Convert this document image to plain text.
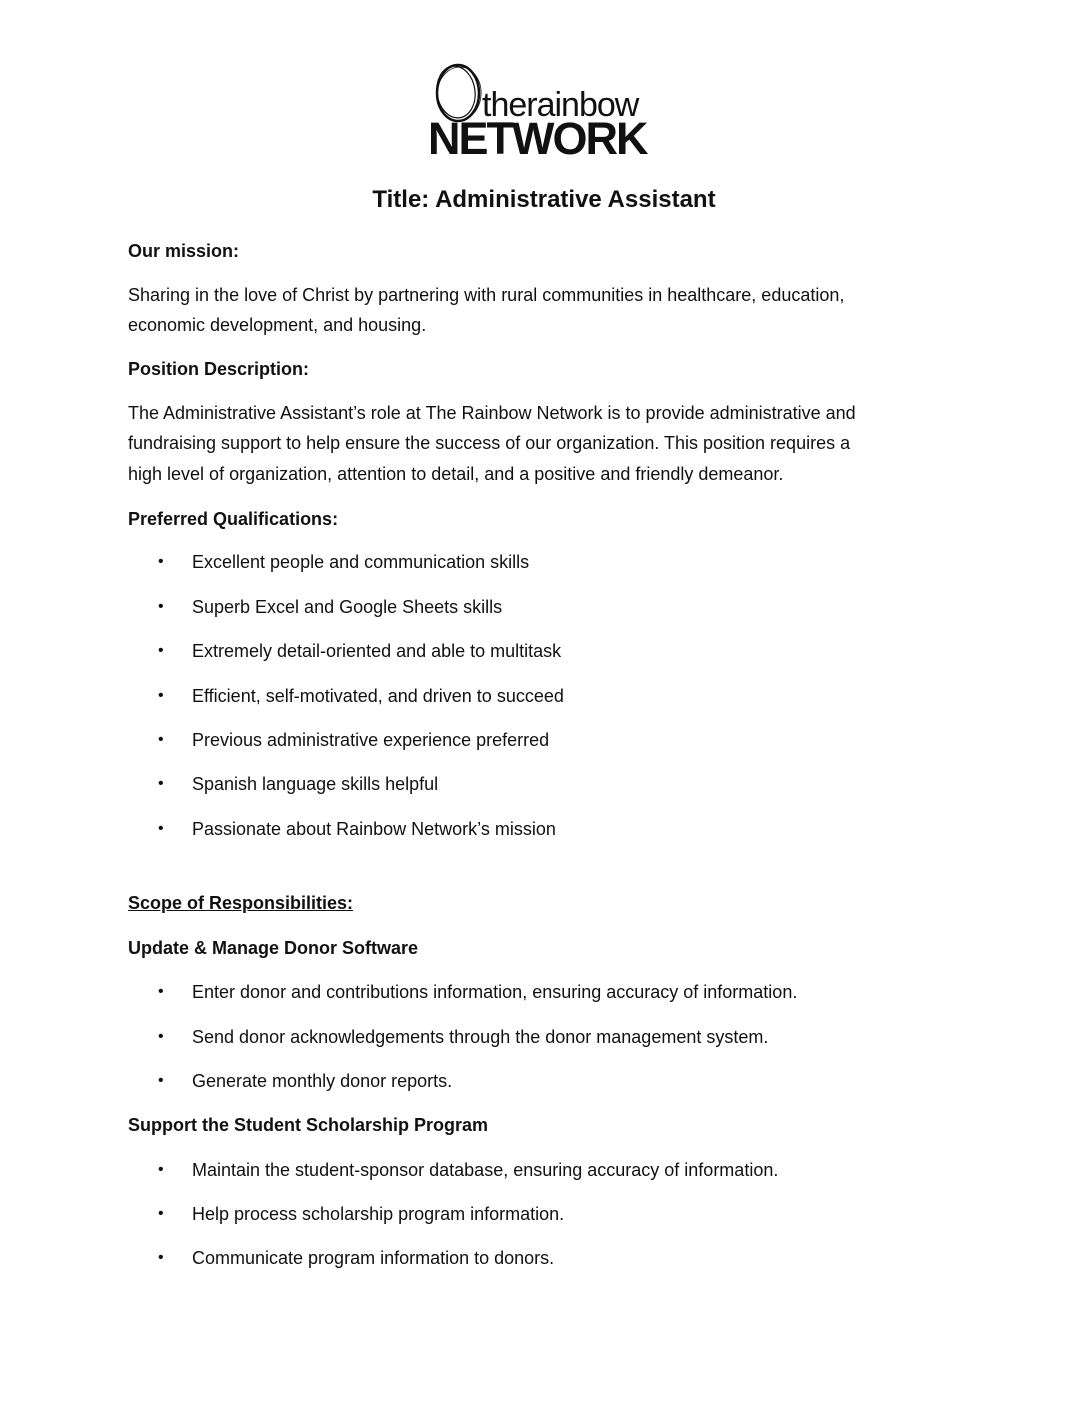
therainbow
NETWORK
Title: Administrative Assistant
Our mission:
Sharing in the love of Christ by partnering with rural communities in healthcare, education,
economic development, and housing.
Position Description:
The Administrative Assistant’s role at The Rainbow Network is to provide administrative and
fundraising support to help ensure the success of our organization. This position requires a
high level of organization, attention to detail, and a positive and friendly demeanor.
Preferred Qualifications:
•	Excellent people and communication skills
•	Superb Excel and Google Sheets skills
•	Extremely detail-oriented and able to multitask
•	Efficient, self-motivated, and driven to succeed
•	Previous administrative experience preferred
•	Spanish language skills helpful
•	Passionate about Rainbow Network’s mission
Scope of Responsibilities:
Update & Manage Donor Software
•	Enter donor and contributions information, ensuring accuracy of information.
•	Send donor acknowledgements through the donor management system.
•	Generate monthly donor reports.
Support the Student Scholarship Program
•	Maintain the student-sponsor database, ensuring accuracy of information.
•	Help process scholarship program information.
•	Communicate program information to donors.
